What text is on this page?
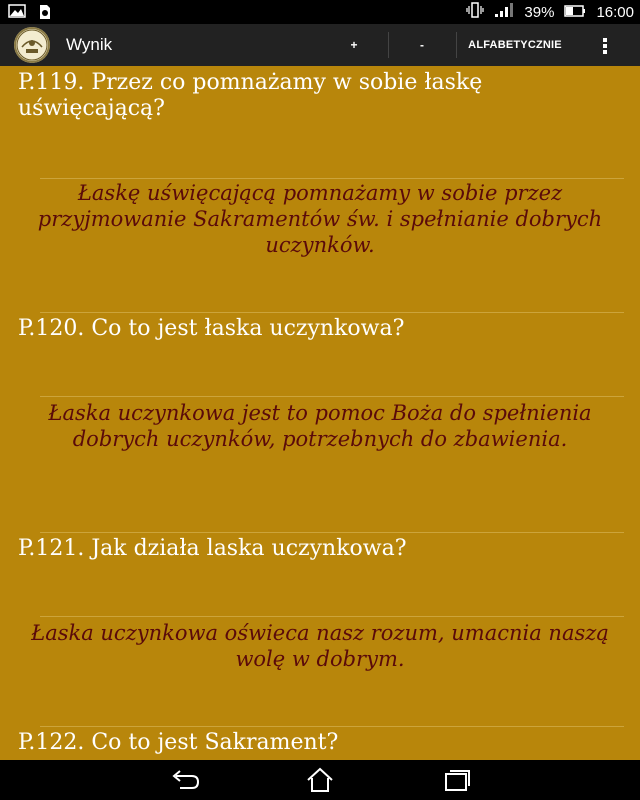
39%	16:00
Wynik	+	-	ALFABETYCZNIE
P.119. Przez co pomnażamy w sobie łaskę uświęcającą?
Łaskę uświęcającą pomnażamy w sobie przez przyjmowanie Sakramentów św. i spełnianie dobrych uczynków.
P.120. Co to jest łaska uczynkowa?
Łaska uczynkowa jest to pomoc Boża do spełnienia dobrych uczynków, potrzebnych do zbawienia.
P.121. Jak działa laska uczynkowa?
Łaska uczynkowa oświeca nasz rozum, umacnia naszą wolę w dobrym.
P.122. Co to jest Sakrament?
